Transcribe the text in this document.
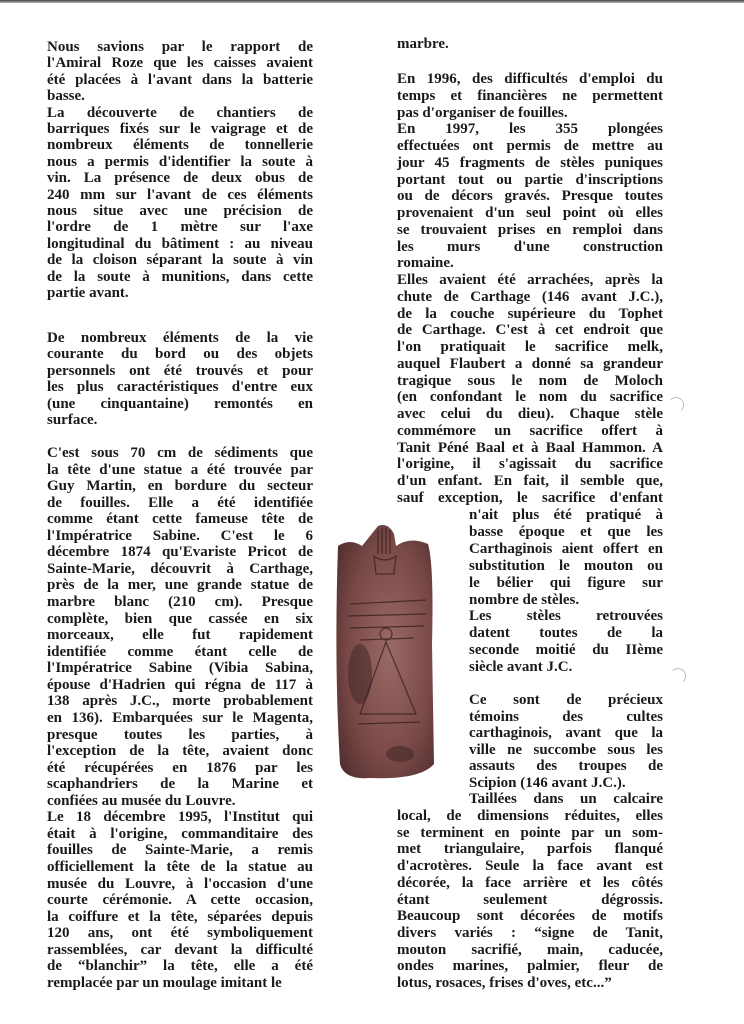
Nous savions par le rapport de
l'Amiral Roze que les caisses avaient
été placées à l'avant dans la batterie
basse.
La découverte de chantiers de
barriques fixés sur le vaigrage et de
nombreux éléments de tonnellerie
nous a permis d'identifier la soute à
vin. La présence de deux obus de
240 mm sur l'avant de ces éléments
nous situe avec une précision de
l'ordre de 1 mètre sur l'axe
longitudinal du bâtiment : au niveau
de la cloison séparant la soute à vin
de la soute à munitions, dans cette
partie avant.
De nombreux éléments de la vie
courante du bord ou des objets
personnels ont été trouvés et pour
les plus caractéristiques d'entre eux
(une cinquantaine) remontés en
surface.
C'est sous 70 cm de sédiments que
la tête d'une statue a été trouvée par
Guy Martin, en bordure du secteur
de fouilles. Elle a été identifiée
comme étant cette fameuse tête de
l'Impératrice Sabine. C'est le 6
décembre 1874 qu'Evariste Pricot de
Sainte-Marie, découvrit à Carthage,
près de la mer, une grande statue de
marbre blanc (210 cm). Presque
complète, bien que cassée en six
morceaux, elle fut rapidement
identifiée comme étant celle de
l'Impératrice Sabine (Vibia Sabina,
épouse d'Hadrien qui régna de 117 à
138 après J.C., morte probablement
en 136). Embarquées sur le Magenta,
presque toutes les parties, à
l'exception de la tête, avaient donc
été récupérées en 1876 par les
scaphandriers de la Marine et
confiées au musée du Louvre.
Le 18 décembre 1995, l'Institut qui
était à l'origine, commanditaire des
fouilles de Sainte-Marie, a remis
officiellement la tête de la statue au
musée du Louvre, à l'occasion d'une
courte cérémonie. A cette occasion,
la coiffure et la tête, séparées depuis
120 ans, ont été symboliquement
rassemblées, car devant la difficulté
de “blanchir” la tête, elle a été
remplacée par un moulage imitant le
marbre.
En 1996, des difficultés d'emploi du
temps et financières ne permettent
pas d'organiser de fouilles.
En 1997, les 355 plongées
effectuées ont permis de mettre au
jour 45 fragments de stèles puniques
portant tout ou partie d'inscriptions
ou de décors gravés. Presque toutes
provenaient d'un seul point où elles
se trouvaient prises en remploi dans
les murs d'une construction
romaine.
Elles avaient été arrachées, après la
chute de Carthage (146 avant J.C.),
de la couche supérieure du Tophet
de Carthage. C'est à cet endroit que
l'on pratiquait le sacrifice melk,
auquel Flaubert a donné sa grandeur
tragique sous le nom de Moloch
(en confondant le nom du sacrifice
avec celui du dieu). Chaque stèle
commémore un sacrifice offert à
Tanit Péné Baal et à Baal Hammon. A
l'origine, il s'agissait du sacrifice
d'un enfant. En fait, il semble que,
sauf exception, le sacrifice d'enfant
n'ait plus été pratiqué à
basse époque et que les
Carthaginois aient offert en
substitution le mouton ou
le bélier qui figure sur
nombre de stèles.
Les stèles retrouvées
datent toutes de la
seconde moitié du IIème
siècle avant J.C.
Ce sont de précieux
témoins des cultes
carthaginois, avant que la
ville ne succombe sous les
assauts des troupes de
Scipion (146 avant J.C.).
Taillées dans un calcaire
local, de dimensions réduites, elles
se terminent en pointe par un som-
met triangulaire, parfois flanqué
d'acrotères. Seule la face avant est
décorée, la face arrière et les côtés
étant seulement dégrossis.
Beaucoup sont décorées de motifs
divers variés : “signe de Tanit,
mouton sacrifié, main, caducée,
ondes marines, palmier, fleur de
lotus, rosaces, frises d'oves, etc...”
